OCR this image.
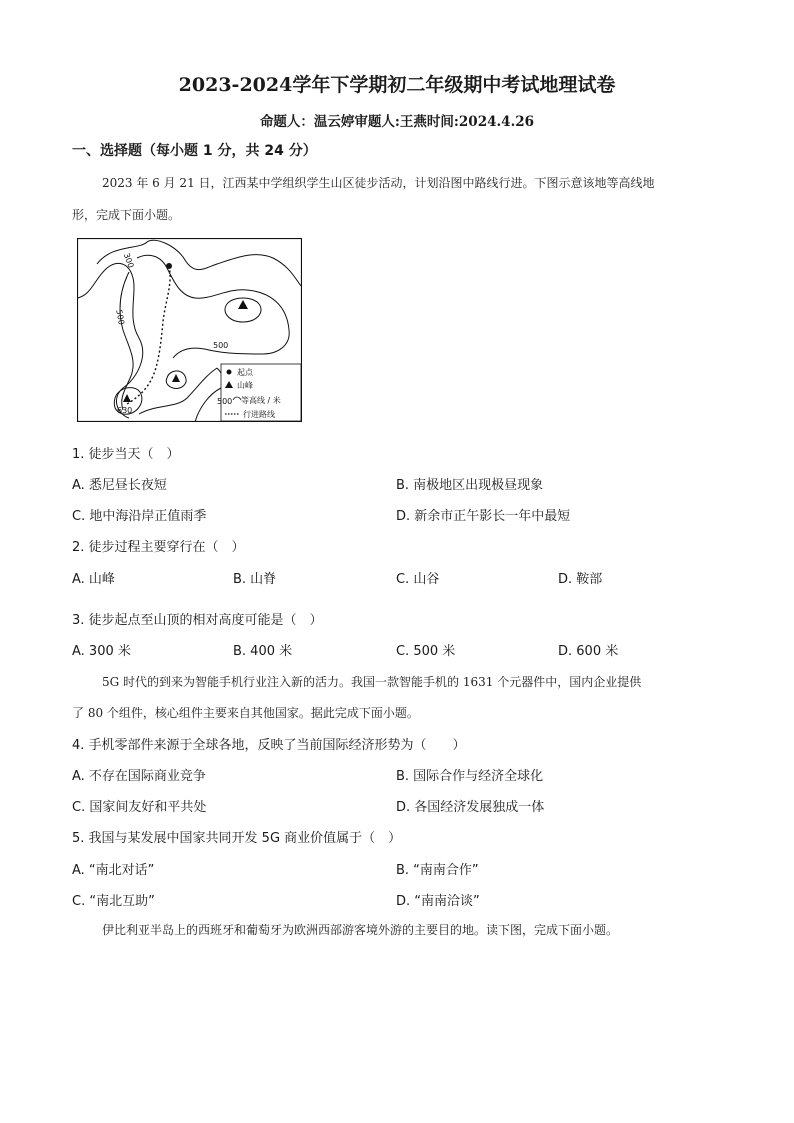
2023-2024学年下学期初二年级期中考试地理试卷
命题人：温云婷审题人:王燕时间:2024.4.26
一、选择题（每小题 1 分，共 24 分）
2023 年 6 月 21 日，江西某中学组织学生山区徒步活动，计划沿图中路线行进。下图示意该地等高线地
形，完成下面小题。
300
500
500
630
起点
山峰
500 等高线 / 米
行进路线
1. 徒步当天（　）
A. 悉尼昼长夜短	B. 南极地区出现极昼现象
C. 地中海沿岸正值雨季	D. 新余市正午影长一年中最短
2. 徒步过程主要穿行在（　）
A. 山峰	B. 山脊	C. 山谷	D. 鞍部
3. 徒步起点至山顶的相对高度可能是（　）
A. 300 米	B. 400 米	C. 500 米	D. 600 米
5G 时代的到来为智能手机行业注入新的活力。我国一款智能手机的 1631 个元器件中，国内企业提供
了 80 个组件，核心组件主要来自其他国家。据此完成下面小题。
4. 手机零部件来源于全球各地，反映了当前国际经济形势为（　　）
A. 不存在国际商业竞争	B. 国际合作与经济全球化
C. 国家间友好和平共处	D. 各国经济发展独成一体
5. 我国与某发展中国家共同开发 5G 商业价值属于（　）
A. “南北对话”	B. “南南合作”
C. “南北互助”	D. “南南洽谈”
伊比利亚半岛上的西班牙和葡萄牙为欧洲西部游客境外游的主要目的地。读下图，完成下面小题。
